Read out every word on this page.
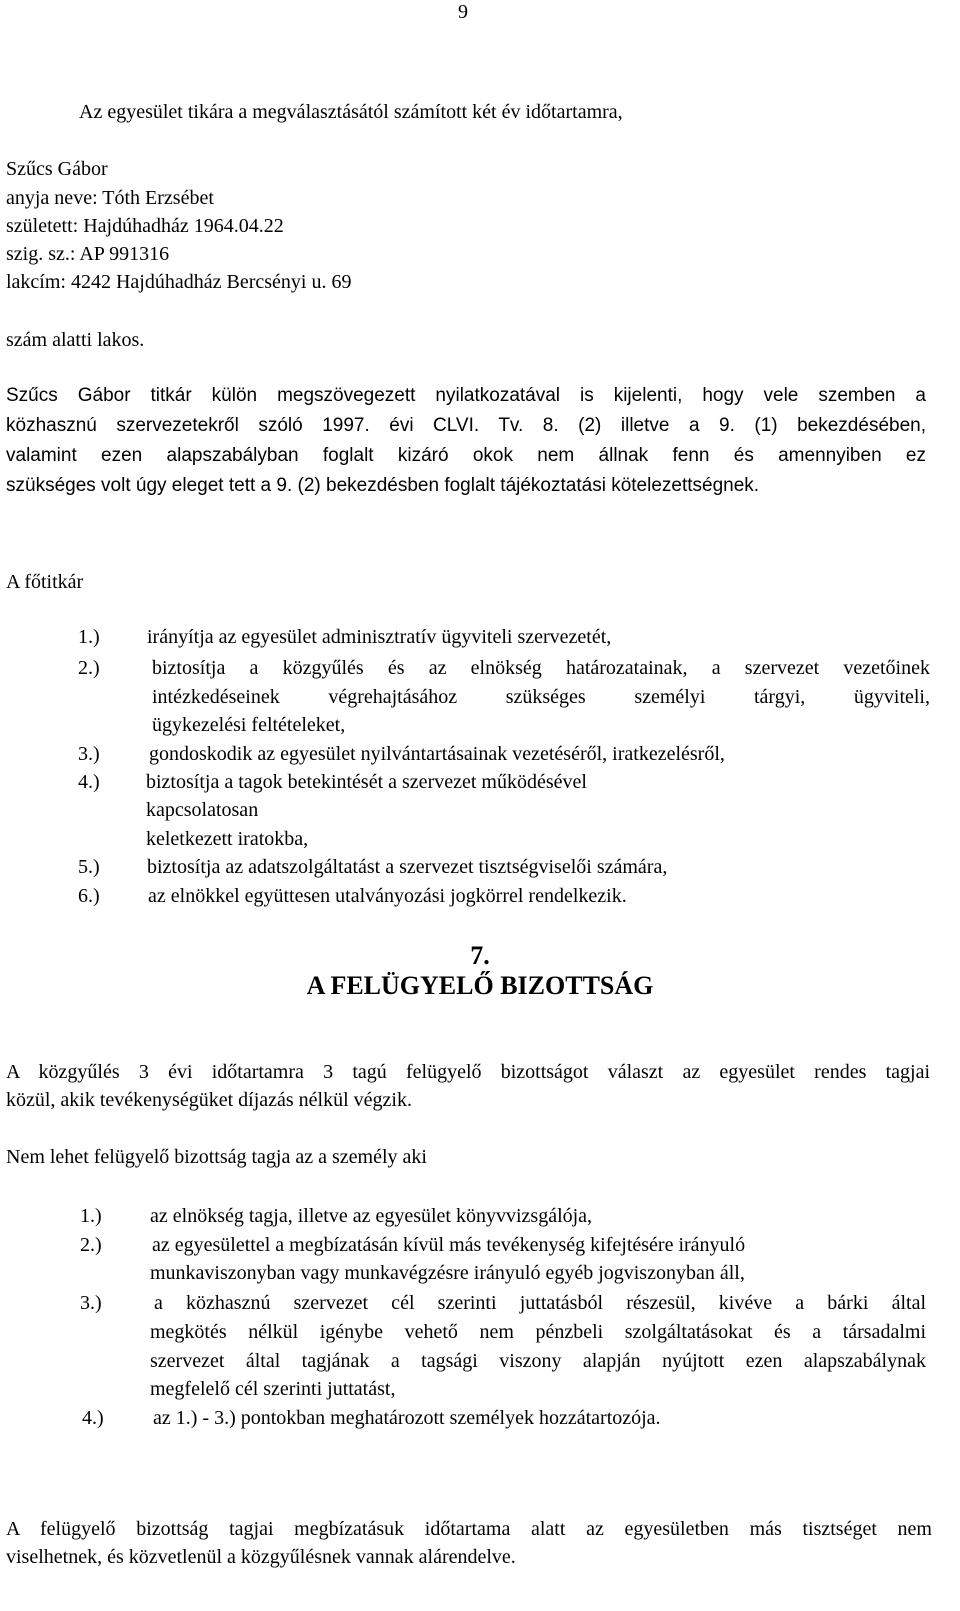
9
Az egyesület tikára a megválasztásától számított két év időtartamra,
Szűcs Gábor
anyja neve: Tóth Erzsébet
született: Hajdúhadház 1964.04.22
szig. sz.: AP 991316
lakcím: 4242 Hajdúhadház Bercsényi u. 69
szám alatti lakos.
Szűcs Gábor titkár külön megszövegezett nyilatkozatával is kijelenti, hogy vele szemben a
közhasznú szervezetekről szóló 1997. évi CLVI. Tv. 8. (2) illetve a 9. (1) bekezdésében,
valamint ezen alapszabályban foglalt kizáró okok nem állnak fenn és amennyiben ez
szükséges volt úgy eleget tett a 9. (2) bekezdésben foglalt tájékoztatási kötelezettségnek.
A főtitkár
1.) irányítja az egyesület adminisztratív ügyviteli szervezetét,
2.)	biztosítja a közgyűlés és az elnökség határozatainak, a szervezet vezetőinek
intézkedéseinek végrehajtásához szükséges személyi tárgyi, ügyviteli,
ügykezelési feltételeket,
3.) gondoskodik az egyesület nyilvántartásainak vezetéséről, iratkezelésről,
4.) biztosítja a tagok betekintését a szervezet működésével
kapcsolatosan
keletkezett iratokba,
5.) biztosítja az adatszolgáltatást a szervezet tisztségviselői számára,
6.) az elnökkel együttesen utalványozási jogkörrel rendelkezik.
7.
A FELÜGYELŐ BIZOTTSÁG
A közgyűlés 3 évi időtartamra 3 tagú felügyelő bizottságot választ az egyesület rendes tagjai
közül, akik tevékenységüket díjazás nélkül végzik.
Nem lehet felügyelő bizottság tagja az a személy aki
1.) az elnökség tagja, illetve az egyesület könyvvizsgálója,
2.)	az egyesülettel a megbízatásán kívül más tevékenység kifejtésére irányuló
munkaviszonyban vagy munkavégzésre irányuló egyéb jogviszonyban áll,
3.)	a közhasznú szervezet cél szerinti juttatásból részesül, kivéve a bárki által
megkötés nélkül igénybe vehető nem pénzbeli szolgáltatásokat és a társadalmi
szervezet által tagjának a tagsági viszony alapján nyújtott ezen alapszabálynak
megfelelő cél szerinti juttatást,
4.) az 1.) - 3.) pontokban meghatározott személyek hozzátartozója.
A felügyelő bizottság tagjai megbízatásuk időtartama alatt az egyesületben más tisztséget nem
viselhetnek, és közvetlenül a közgyűlésnek vannak alárendelve.
